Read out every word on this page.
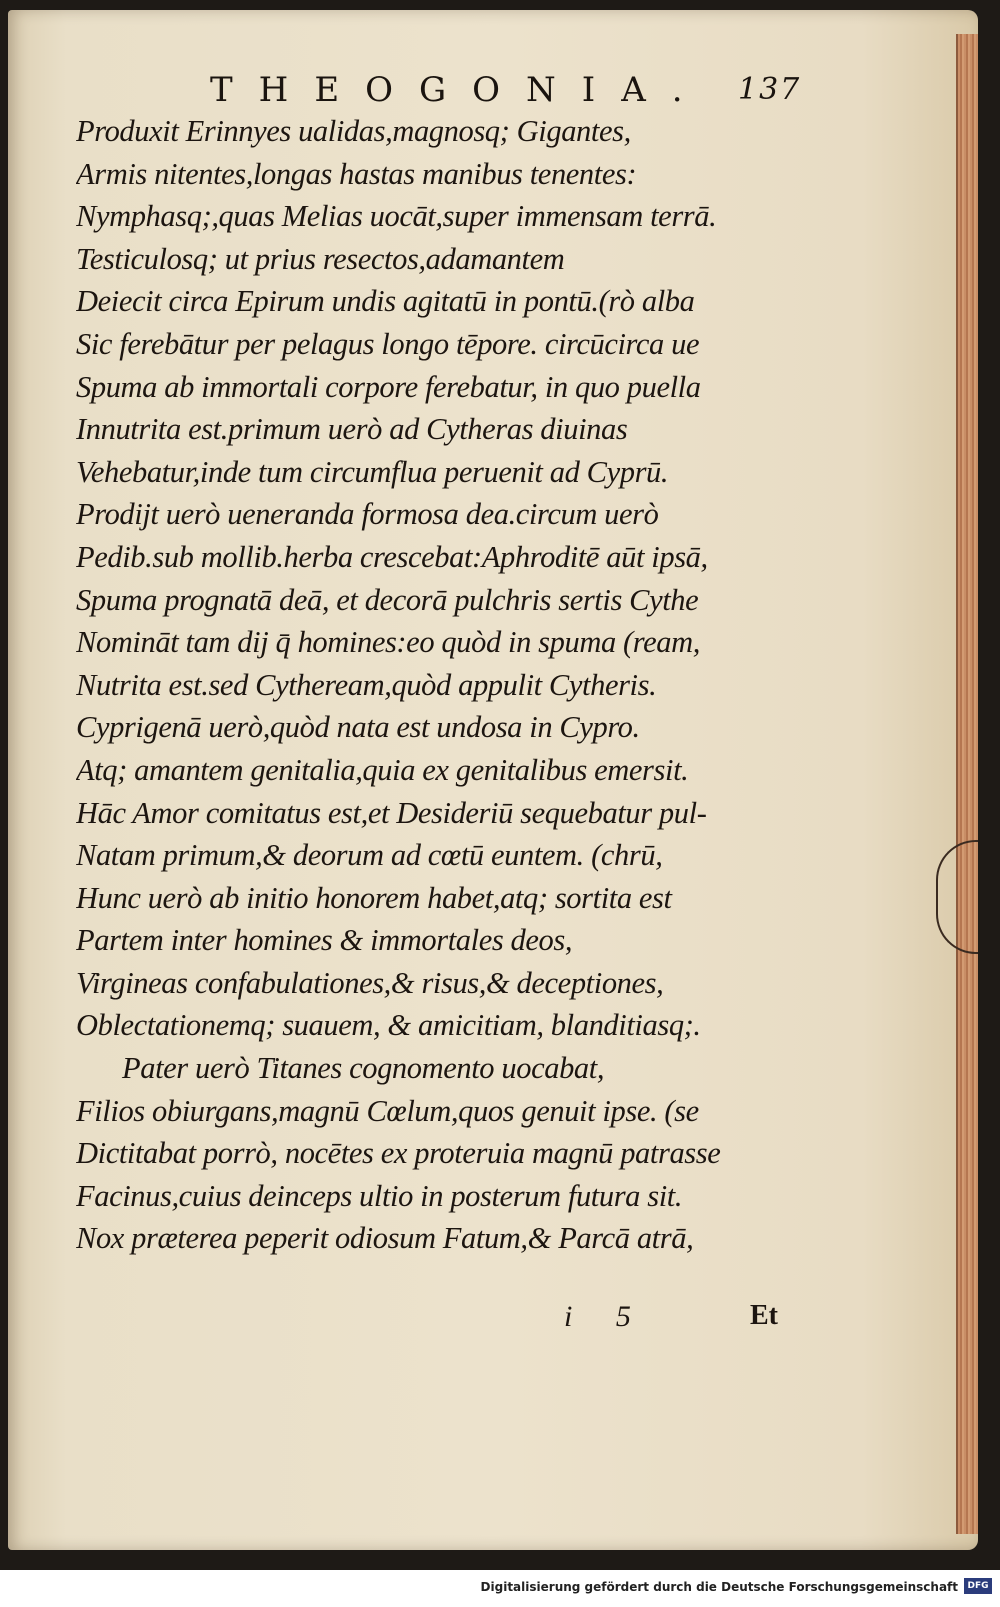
THEOGONIA. 137
Produxit Erinnyes ualidas,magnosq; Gigantes,
Armis nitentes,longas hastas manibus tenentes:
Nymphasq;,quas Melias uocāt,super immensam terrā.
Testiculosq; ut prius resectos,adamantem
Deiecit circa Epirum undis agitatū in pontū.(rò alba
Sic ferebātur per pelagus longo tēpore. circūcirca ue
Spuma ab immortali corpore ferebatur, in quo puella
Innutrita est.primum uerò ad Cytheras diuinas
Vehebatur,inde tum circumflua peruenit ad Cyprū.
Prodijt uerò ueneranda formosa dea.circum uerò
Pedib.sub mollib.herba crescebat:Aphroditē aūt ipsā,
Spuma prognatā deā, et decorā pulchris sertis Cythe
Nomināt tam dij q̄ homines:eo quòd in spuma (ream,
Nutrita est.sed Cytheream,quòd appulit Cytheris.
Cyprigenā uerò,quòd nata est undosa in Cypro.
Atq; amantem genitalia,quia ex genitalibus emersit.
Hāc Amor comitatus est,et Desideriū sequebatur pul-
Natam primum,& deorum ad cœtū euntem. (chrū,
Hunc uerò ab initio honorem habet,atq; sortita est
Partem inter homines & immortales deos,
Virgineas confabulationes,& risus,& deceptiones,
Oblectationemq; suauem, & amicitiam, blanditiasq;.
Pater uerò Titanes cognomento uocabat,
Filios obiurgans,magnū Cœlum,quos genuit ipse. (se
Dictitabat porrò, nocētes ex proteruia magnū patrasse
Facinus,cuius deinceps ultio in posterum futura sit.
Nox præterea peperit odiosum Fatum,& Parcā atrā,
i 5	Et
Digitalisierung gefördert durch die Deutsche Forschungsgemeinschaft	DFG
